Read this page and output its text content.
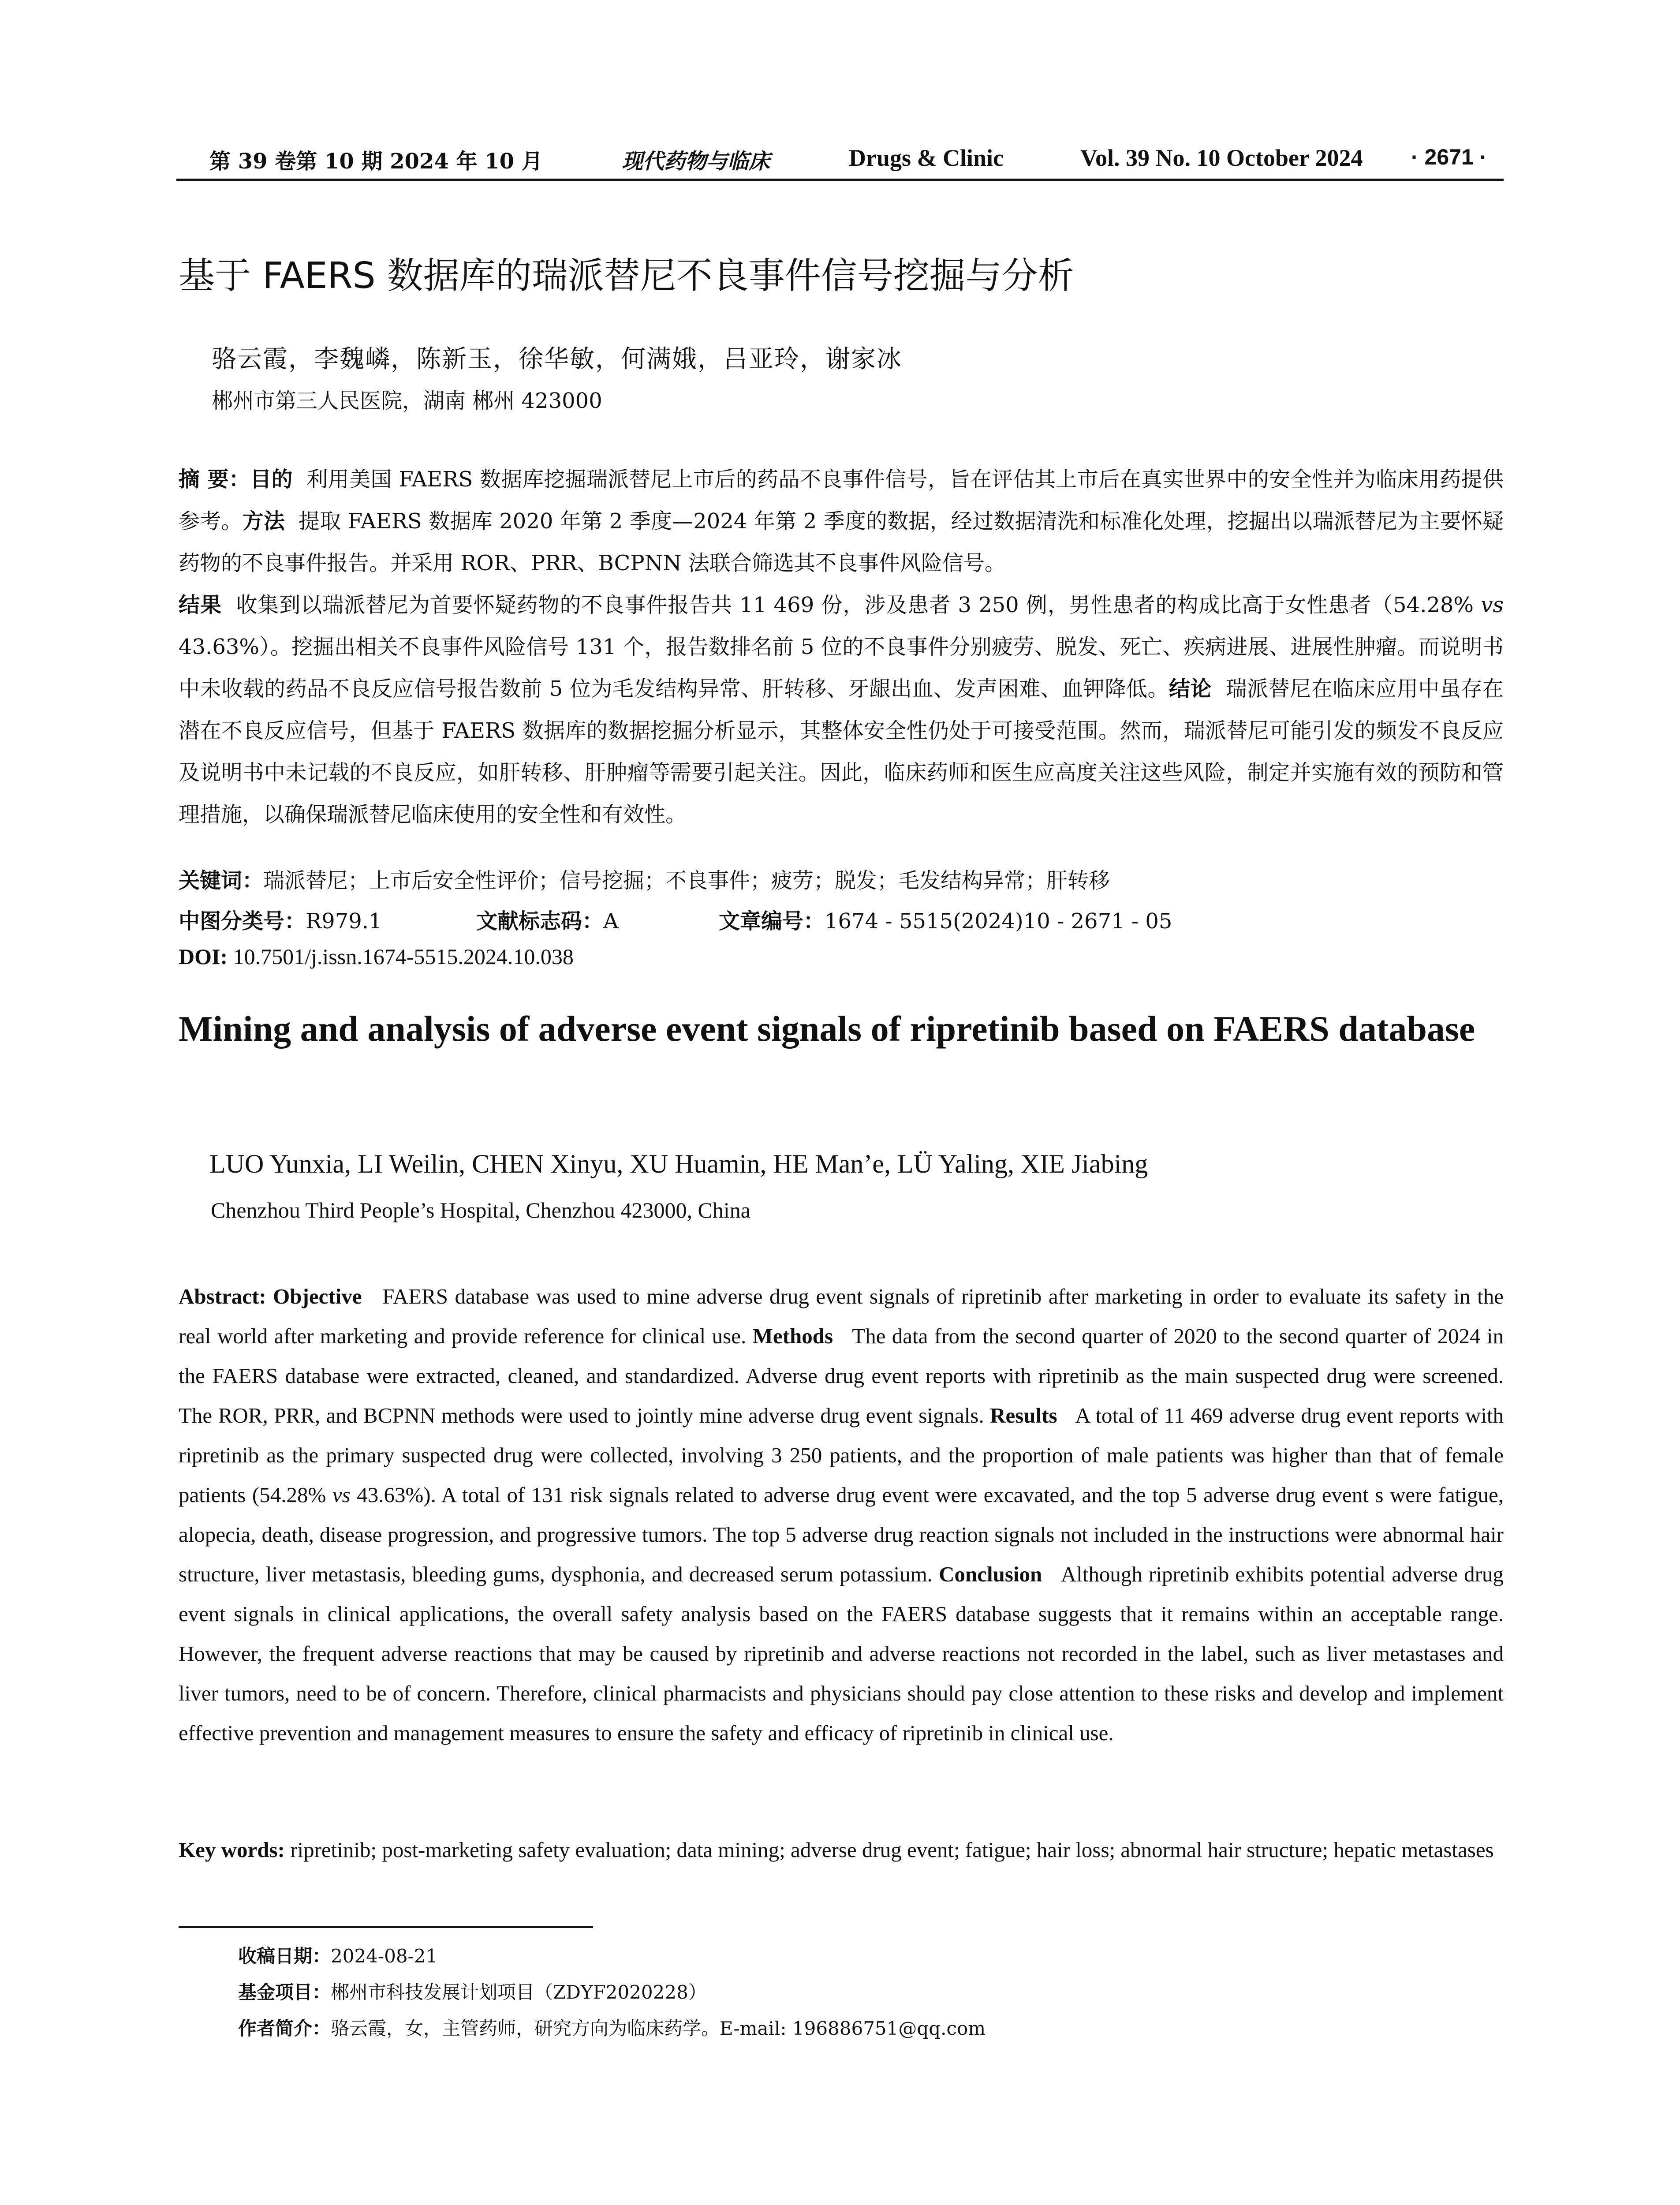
第 39 卷第 10 期 2024 年 10 月	现代药物与临床	Drugs & Clinic	Vol. 39 No. 10 October 2024 · 2671 ·
基于 FAERS 数据库的瑞派替尼不良事件信号挖掘与分析
骆云霞，李魏嶙，陈新玉，徐华敏，何满娥，吕亚玲，谢家冰
郴州市第三人民医院，湖南 郴州 423000
摘 要：目的 利用美国 FAERS 数据库挖掘瑞派替尼上市后的药品不良事件信号，旨在评估其上市后在真实世界中的安全性并为临床用药提供参考。方法 提取 FAERS 数据库 2020 年第 2 季度—2024 年第 2 季度的数据，经过数据清洗和标准化处理，挖掘出以瑞派替尼为主要怀疑药物的不良事件报告。并采用 ROR、PRR、BCPNN 法联合筛选其不良事件风险信号。
结果 收集到以瑞派替尼为首要怀疑药物的不良事件报告共 11 469 份，涉及患者 3 250 例，男性患者的构成比高于女性患者（54.28% vs 43.63%）。挖掘出相关不良事件风险信号 131 个，报告数排名前 5 位的不良事件分别疲劳、脱发、死亡、疾病进展、进展性肿瘤。而说明书中未收载的药品不良反应信号报告数前 5 位为毛发结构异常、肝转移、牙龈出血、发声困难、血钾降低。结论 瑞派替尼在临床应用中虽存在潜在不良反应信号，但基于 FAERS 数据库的数据挖掘分析显示，其整体安全性仍处于可接受范围。然而，瑞派替尼可能引发的频发不良反应及说明书中未记载的不良反应，如肝转移、肝肿瘤等需要引起关注。因此，临床药师和医生应高度关注这些风险，制定并实施有效的预防和管理措施，以确保瑞派替尼临床使用的安全性和有效性。
关键词：瑞派替尼；上市后安全性评价；信号挖掘；不良事件；疲劳；脱发；毛发结构异常；肝转移
中图分类号：R979.1	文献标志码：A	文章编号：1674 - 5515(2024)10 - 2671 - 05
DOI: 10.7501/j.issn.1674-5515.2024.10.038
Mining and analysis of adverse event signals of ripretinib based on FAERS database
LUO Yunxia, LI Weilin, CHEN Xinyu, XU Huamin, HE Man’e, LÜ Yaling, XIE Jiabing
Chenzhou Third People’s Hospital, Chenzhou 423000, China
Abstract: Objective FAERS database was used to mine adverse drug event signals of ripretinib after marketing in order to evaluate its safety in the real world after marketing and provide reference for clinical use. Methods The data from the second quarter of 2020 to the second quarter of 2024 in the FAERS database were extracted, cleaned, and standardized. Adverse drug event reports with ripretinib as the main suspected drug were screened. The ROR, PRR, and BCPNN methods were used to jointly mine adverse drug event signals. Results A total of 11 469 adverse drug event reports with ripretinib as the primary suspected drug were collected, involving 3 250 patients, and the proportion of male patients was higher than that of female patients (54.28% vs 43.63%). A total of 131 risk signals related to adverse drug event were excavated, and the top 5 adverse drug event s were fatigue, alopecia, death, disease progression, and progressive tumors. The top 5 adverse drug reaction signals not included in the instructions were abnormal hair structure, liver metastasis, bleeding gums, dysphonia, and decreased serum potassium. Conclusion Although ripretinib exhibits potential adverse drug event signals in clinical applications, the overall safety analysis based on the FAERS database suggests that it remains within an acceptable range. However, the frequent adverse reactions that may be caused by ripretinib and adverse reactions not recorded in the label, such as liver metastases and liver tumors, need to be of concern. Therefore, clinical pharmacists and physicians should pay close attention to these risks and develop and implement effective prevention and management measures to ensure the safety and efficacy of ripretinib in clinical use.
Key words: ripretinib; post-marketing safety evaluation; data mining; adverse drug event; fatigue; hair loss; abnormal hair structure; hepatic metastases
收稿日期：2024-08-21
基金项目：郴州市科技发展计划项目（ZDYF2020228）
作者简介：骆云霞，女，主管药师，研究方向为临床药学。E-mail: 196886751@qq.com
